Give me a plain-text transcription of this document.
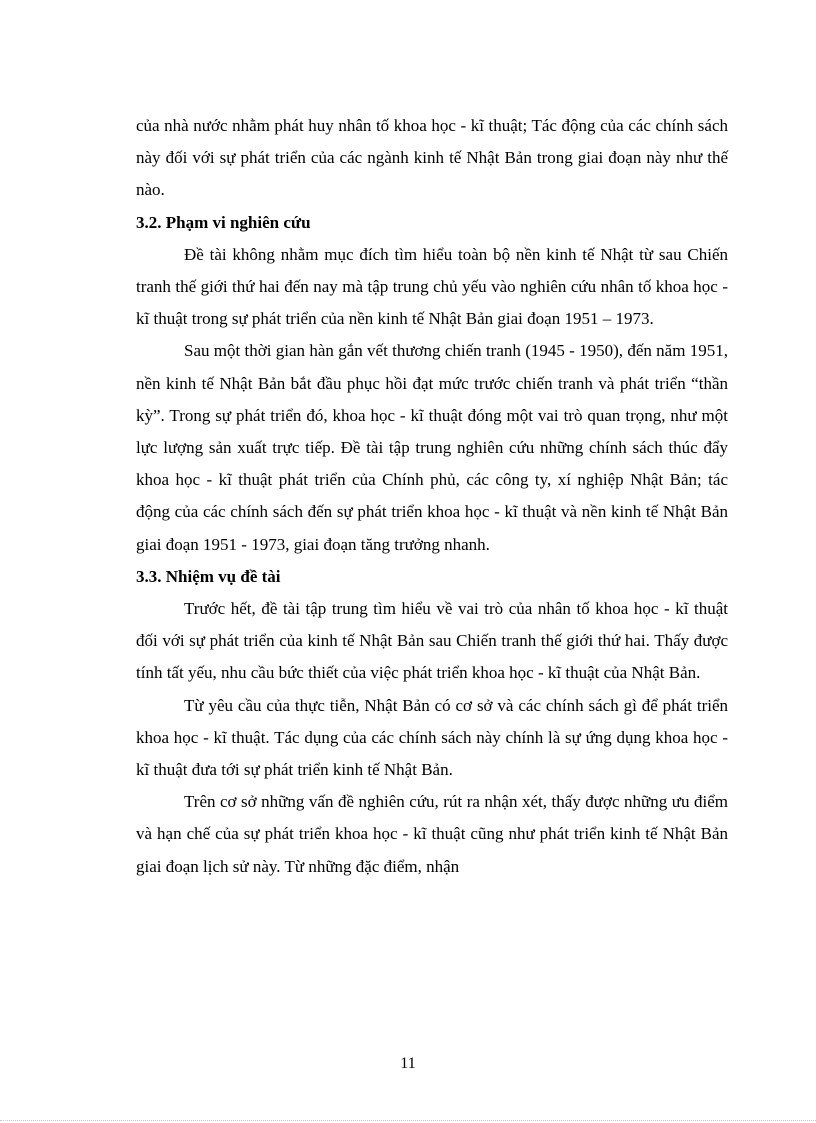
của nhà nước nhằm phát huy nhân tố khoa học - kĩ thuật; Tác động của các chính sách này đối với sự phát triển của các ngành kinh tế Nhật Bản trong giai đoạn này như thế nào.

3.2. Phạm vi nghiên cứu

Đề tài không nhằm mục đích tìm hiểu toàn bộ nền kinh tế Nhật từ sau Chiến tranh thế giới thứ hai đến nay mà tập trung chủ yếu vào nghiên cứu nhân tố khoa học - kĩ thuật trong sự phát triển của nền kinh tế Nhật Bản giai đoạn 1951 – 1973.

Sau một thời gian hàn gắn vết thương chiến tranh (1945 - 1950), đến năm 1951, nền kinh tế Nhật Bản bắt đầu phục hồi đạt mức trước chiến tranh và phát triển “thần kỳ”. Trong sự phát triển đó, khoa học - kĩ thuật đóng một vai trò quan trọng, như một lực lượng sản xuất trực tiếp. Đề tài tập trung nghiên cứu những chính sách thúc đẩy khoa học - kĩ thuật phát triển của Chính phủ, các công ty, xí nghiệp Nhật Bản; tác động của các chính sách đến sự phát triển khoa học - kĩ thuật và nền kinh tế Nhật Bản giai đoạn 1951 - 1973, giai đoạn tăng trưởng nhanh.

3.3. Nhiệm vụ đề tài

Trước hết, đề tài tập trung tìm hiểu về vai trò của nhân tố khoa học - kĩ thuật đối với sự phát triển của kinh tế Nhật Bản sau Chiến tranh thế giới thứ hai. Thấy được tính tất yếu, nhu cầu bức thiết của việc phát triển khoa học - kĩ thuật của Nhật Bản.

Từ yêu cầu của thực tiễn, Nhật Bản có cơ sở và các chính sách gì để phát triển khoa học - kĩ thuật. Tác dụng của các chính sách này chính là sự ứng dụng khoa học - kĩ thuật đưa tới sự phát triển kinh tế Nhật Bản.

Trên cơ sở những vấn đề nghiên cứu, rút ra nhận xét, thấy được những ưu điểm và hạn chế của sự phát triển khoa học - kĩ thuật cũng như phát triển kinh tế Nhật Bản giai đoạn lịch sử này. Từ những đặc điểm, nhận

11
